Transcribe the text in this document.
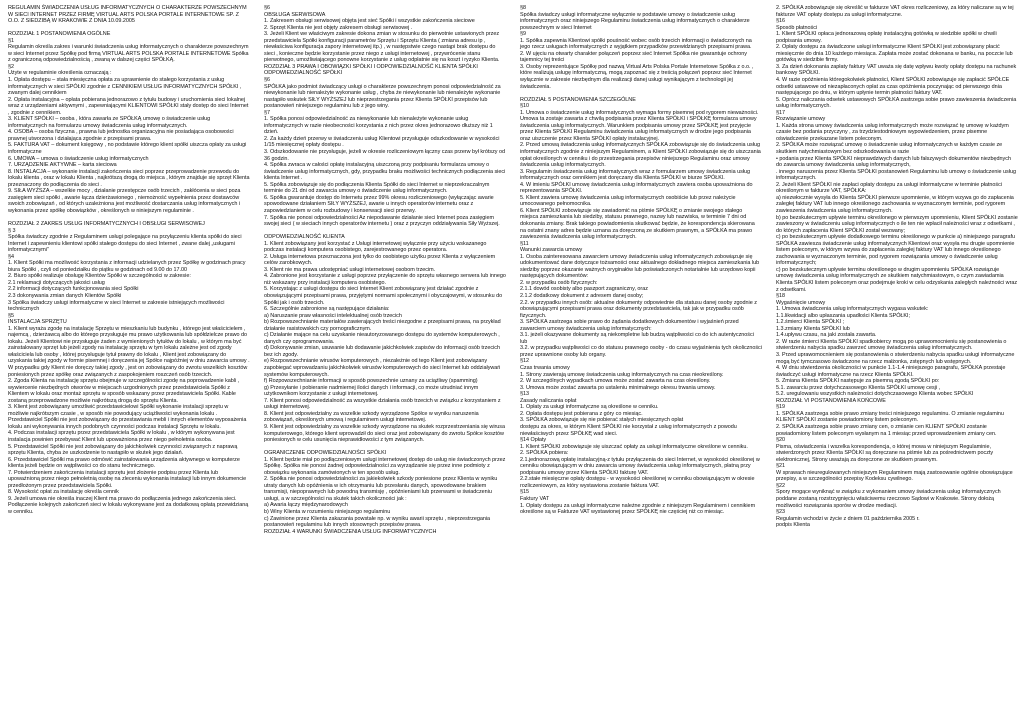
REGULAMIN ŚWIADCZENIA USŁUG INFORMATYCZNYCH O CHARAKTERZE POWSZECHNYM W SIECI INTERNET PRZEZ FIRMĘ VIRTUAL ARTS POLSKA PORTALE INTERNETOWE SP. Z O.O. Z SIEDZIBĄ W KRAKOWIE Z DNIA 10.09.2005

ROZDZIAŁ 1 POSTANOWIENIA OGÓLNE

§1

Regulamin określa zakres i warunki świadczenia usług informatycznych o charakterze powszechnym w sieci Internet przez Spółkę pod firmą VIRTUAL ARTS POLSKA PORTALE INTERNETOWE Spółka z ograniczoną odpowiedzialnością , zwaną w dalszej części SPÓŁKĄ.

§2

Użyte w regulaminie określenia oznaczają :

1. Opłata dostępu – stała miesięczna opłata za uprawnienie do stałego korzystania z usług informatycznych w sieci SPÓŁKI zgodnie z CENNIKIEM USŁUG INFORMATYCZNYCH SPÓŁKI , zwanym dalej cennikiem

2. Opłata instalacyjna – opłata pobierana jednorazowo z tytułu budowy i uruchomienia sieci lokalnej wraz z urządzeniami aktywnymi , zapewniającymi KLIENTOWI SPÓŁKI stały dostęp do sieci Internet , zgodnie z cennikiem.

3. KLIENT SPÓŁKI – osoba , która zawarła ze SPÓŁKĄ umowę o świadczenie usług informatycznych na formularzu umowy świadczenia usług informatycznych.

4. OSOBA – osoba fizyczna , prawna lub jednostka organizacyjna nie posiadająca osobowości prawnej utworzona i działająca zgodnie z przepisami prawa.

5. FAKTURA VAT – dokument księgowy , no podstawie którego klient spółki uiszcza opłaty za usługi informatyczne

6. UMOWA – umowa o świadczenie usług informatycznych

7. URZĄDZENIE AKTYWNE – karta sieciowa

8. INSTALACJA – wykonanie instalacji zakończenia sieci poprzez przeprowadzenie przewodu do lokalu klienta , oraz w lokalu Klienta , najkrótszą drogą do miejsca , którym znajduje się sprzęt Klienta przeznaczony do podłączenia do sieci .

9. SIŁA WYŻSZA – wszelkie mocy , działanie przestępcze osób trzecich , zakłócenia w sieci poza zasięgiem sieci spółki , awarie łącza dzierżawionego , niemożność wypełnienia przez dostawców swoich zobowiązań , od których uzależniona jest możliwość dostarczania usług informatycznych i wykonania przez spółkę obowiązków , określonych w niniejszym regulaminie .

ROZDZIAŁ 2 ZAKRES USŁUG INFORMATYCZNYCH I OBSŁUGI SERWISOWEJ

§ 3

Spółka świadczy zgodnie z Regulaminem usługi polegające na przyłączeniu klienta spółki do sieci Internet i zapewnieniu klientowi spółki stałego dostępu do sieci Internet , zwane dalej „usługami informatycznymi”

§4

1. Klient Spółki ma możliwość korzystania z informacji udzielanych przez Spółkę w godzinach pracy biura Spółki , czyli od poniedziałku do piątku w godzinach od 9.00 do 17.00

2. Biuro spółki realizuje obsługę Klientów Spółki w szczególności w zakresie:

2.1 reklamacji dotyczących jakości usług

2.2 informacji dotyczących funkcjonowania sieci Spółki

2.3 dokonywania zmian danych Klientów Spółki

3 Spółka świadczy usługi informatyczne w sieci Internet w zakresie istniejących możliwości technicznych

§5

INSTALACJA SPRZĘTU

1. Klient wyraża zgodę na instalację Sprzętu w mieszkaniu lub budynku , którego jest właścicielem , najemcą , dzierżawcą albo do którego przysługuje mu prawo użytkowania lub spółdzielcze prawo do lokalu. Jeżeli Klientowi nie przysługuje żaden z wymienionych tytułów do lokalu , w którym ma być zainstalowany sprzęt lub jeżeli zgody na instalację sprzętu w tym lokalu zależne jest od zgody właściciela lub osoby , której przysługuje tytuł prawny do lokalu , Klient jest zobowiązany do uzyskania takiej zgody w formie pisemnej i doręczenia jej Spółce najpóźniej w dniu zawarcia umowy . W przypadku gdy Klient nie doręczy takiej zgody , jest on zobowiązany do zwrotu wszelkich kosztów poniesionych przez spółkę oraz związanych z zaspokojeniem roszczeń osób trzecich.

2. Zgoda Klienta na instalację sprzętu obejmuje w szczególności zgodę na poprowadzenie kabli , wywiercenie niezbędnych otworów w miejscach uzgodnionych przez przedstawiciela Spółki z Klientem w lokalu oraz montaż sprzętu w sposób wskazany przez przedstawiciela Spółki. Kable zostaną przeprowadzone możliwie najkrótszą drogą do sprzętu Klienta.

3. Klient jest zobowiązany umożliwić przedstawicielowi Spółki wykonanie instalacji sprzętu w możliwie najkrótszym czasie , w sposób nie powodujący uciążliwości wykonania lokalu . Przedstawiciel Spółki nie jest zobowiązany do przestawiania mebli i innych elementów wyposażenia lokalu ani wykonywania innych podobnych czynności podczas instalacji Sprzętu w lokalu.

4. Podczas instalacji sprzętu przez przedstawiciela Spółki w lokalu , w którym wykonywana jest instalacja powinien przebywać Klient lub upoważniona przez niego pełnoletnia osoba.

5. Przedstawiciel Spółki nie jest zobowiązany do jakichkolwiek czynności związanych z naprawą sprzętu Klienta, chyba że uszkodzenie to nastąpiło w skutek jego działań.

6. Przedstawiciel Spółki ma prawo odmówić zainstalowania urządzenia aktywnego w komputerze klienta jeżeli będzie on wątpliwości co do stanu technicznego.

7. Potwierdzeniem zakończenia instalacji sprzętu jest złożenie podpisu przez Klienta lub upoważnioną przez niego pełnoletnią osobę na zleceniu wykonania instalacji lub innym dokumencie przedłożonym przez przedstawiciela Spółki.

8. Wysokość opłat za instalację określa cennik

9. Jeżeli umowa nie określa inaczej Klient ma prawo do podłączenia jednego zakończenia sieci. Podłączenie kolejnych zakończeń sieci w lokalu wykonywane jest za dodatkową opłatą przewidzianą w cenniku.

§6

OBSŁUGA SERWISOWA

1. Zakresem obsługi serwisowej objęta jest sieć Spółki i wszystkie zakończenia sieciowe

2. Sprzęt Klienta nie jest objęty zakresem obsługi serwisowej .

3. Jeżeli Klient we właściwym zakresie dokona zmian w stosunku do pierwotnie ustawionych przez przedstawiciela Spółki konfiguracji parametrów Sprzętu i Sprzętu Klienta ( zmiana adresu ip , niewłaściwa konfiguracja zapory internetowej itp.) , w następstwie czego nastąpi brak dostępu do sieci , konieczne będzie korzystanie przez niego z usługi internetowej , przywrócenie stanu pierwotnego, umożliwiającego ponowne korzystanie z usług odpłatnie się na koszt i ryzyko Klienta.

ROZDZIAŁ 3 PRAWA I OBOWIĄZKI SPÓŁKI I ODPOWIEDZIALNOŚĆ KLIENTA SPÓŁKI ODPOWIEDZIALNOŚĆ SPÓŁKI

§6

SPÓŁKA jako podmiot świadczący usługi o charakterze powszechnym ponosi odpowiedzialność za niewykonanie lub nienależyte wykonanie usług , chyba że niewykonanie lub nienależyte wykonanie nastąpiło wskutek SIŁY WYŻSZEJ lub nieprzestrzegania przez Klienta SPÓŁKI przepisów lub postanowień niniejszego regulaminu lub z jego winy.

§7

1. Spółka ponosi odpowiedzialność za niewykonanie lub nienależyte wykonanie usług informatycznych w razie nieobecności korzystania z nich przez okres jednorazowo dłuższy niż 1 dzień.

2. Za każdy dzień przerwy w świadczeniu usług Klientowi przysługuje odszkodowanie w wysokości 1/15 miesięcznej opłaty dostępu .

3. Odszkodowanie nie przysługuje, jeżeli w okresie rozliczeniowym łączny czas przerw był krótszy od 36 godzin.

4. Spółka zwraca w całości opłatę instalacyjną uiszczoną przy podpisaniu formularza umowy o świadczenie usług informatycznych, gdy, przypadku braku możliwości technicznych podłączenia sieci klienta Internet .

5. Spółka zobowiązuje się do podłączenia Klienta Spółki do sieci Internet w nieprzekraczalnym terminie do 21 dni od zawarcia umowy o świadczenie usług informatycznych.

6. Spółka gwarantuje dostęp do Internetu przez 99% okresu rozliczeniowego (wyłączając awarie spowodowane działaniem SIŁY WYŻSZEJ, awarie u innych operatorów internetu oraz z zapowiedzianiem w celu rozbudowy i konserwacji sieci przerwy.

7. Spółka nie ponosi odpowiedzialności Az niepodawanie działanie sieci Internet poza zasięgiem swojej sieci ( w sieciach innych operatorów internetu ) oraz z przyczyn oddziaływania Siły Wyższej.

ODPOWIEDZIALNOŚĆ KLIENTA

1. Klient zobowiązany jest korzystać z Usługi internetowej wyłącznie przy użyciu wskazanego podczas instalacji komputera osobistego, zarejestrowanego przez operatora.

2. Usługa internetowa przeznaczona jest tylko do osobistego użytku przez Klienta z wyłączeniem celów zarobkowych.

3. Klient nie ma prawa udostępniać usługi internetowej osobom trzecim.

4. Zabronione jest korzystanie z usługi poprzez przyłączenie do sprzętu własnego serwera lub innego niż wskazany przy instalacji komputera osobistego.

5. Korzystając z usługi dostępu do sieci Internet Klient zobowiązany jest działać zgodnie z obowiązującymi przepisami prawa, przyjętymi normami społecznymi i obyczajowymi, w stosunku do Spółki jak i osób trzecich.

6. Szczególnie zabronione są następujące działania:

a) Naruszanie praw własności intelektualnej osób trzecich

b) Rozpowszechnianie materiałów zawierających treści niezgodne z przepisami prawa, na przykład działanie rasistowskich czy pornograficznym.

c) Działanie mające na celu uzyskanie nieautoryzowanego dostępu do systemów komputerowych , danych czy oprogramowania.

d) Dokonywanie zmian, usuwanie lub dodawanie jakichkolwiek zapisów do informacji osób trzecich bez ich zgody.

e) Rozpowszechnianie wirusów komputerowych , niezależnie od tego Klient jest zobowiązany zapobiegać wprowadzaniu jakichkolwiek wirusów komputerowych do sieci Internet lub oddziaływań systemów komputerowych.

f) Rozpowszechnianie informacji w sposób powszechnie uznany za uciążliwy (spamming)

g) Przesyłanie i pobieranie nadmiernej ilości danych i informacji, co może utrudniać innym użytkownikom korzystanie z usługi internetowej.

7. Klient ponosi odpowiedzialność za wszystkie działania osób trzecich w związku z korzystaniem z usługi internetowej.

8. Klient jest odpowiedzialny za wszelkie szkody wyrządzone Spółce w wyniku naruszenia zobowiązań, określonych umową i regulaminem usługi internetowej.

9. Klient jest odpowiedzialny za wszelkie szkody wyrządzone na skutek rozprzestrzeniania się wirusa komputerowego, którego klient wprowadził do sieci oraz jest zobowiązany do zwrotu Spółce kosztów poniesionych w celu usunięcia nieprawidłowości z tym związanych.

OGRANICZENIE ODPOWIEDZIALNOŚCI SPÓŁKI

1. Klient będzie miał po podłączeniowym usługi internetowej dostęp do usług nie świadczonych przez Spółkę. Spółka nie ponosi żadnej odpowiedzialności za wyrządzanie się przez inne podmioty z obowiązku wykonania zamówionych w ten sposób usług.

2. Spółka nie ponosi odpowiedzialności za jakiekolwiek szkody poniesione przez Klienta w wyniku utraty danych lub opóźnienia w ich otrzymaniu lub przesłaniu danych, spowodowane brakiem transmisji, niepoprawnych lub powodną transmisję , opóźnieniami lub przerwami w świadczeniu usługi, a w szczególności na skutek takich okoliczności jak :

a) Awaria łączy międzynarodowych

b) Winy Klienta w rozumieniu niniejszego regulaminu

c) Zawinione przez Klienta zakazania powstałe np. w wyniku awarii sprzętu , nieprzestrzegania postanowień regulaminu lub innych stosownych przepisów prawa.

ROZDZIAŁ 4 WARUNKI ŚWIADCZENIA USŁUG INFORMATYCZNYCH

§8

Spółka świadczy usługi informatyczne wyłącznie w podstawie umowy o świadczenie usług informatycznych oraz niniejszego Regulaminu świadczenia usług informatycznych o charakterze powszechnym w sieci Internet

§9

1. Spółka zapewnia Klientowi spółki pouśność wobec osób trzecich informacji o świadczonych na jego rzecz usługach informatycznych z wyjątkiem przypadków przewidzianych przepisami prawa.

2. W ujęciu na otwarty charakter połączeń poprzez sieć Internet Spółka nie gwarantuje ochrony tajemnicy tej treści

3. Osoby reprezentujące Spółkę pod nazwą Virtual Arts Polska Portale Internetowe Spółka z o.o. , które realizują usługę informatyczną, mogą zapoznać się z treścią połączeń poprzez sieć Internet wyłącznie w zakresie niezbędnym dla realizacji danej usługi wynikającym z technologii jej świadczenia.

ROZDZIAŁ 5 POSTANOWIENIA SZCZEGÓLNE

§10

1. Umowa o świadczenie usług informatycznych wymaga formy pisemnej pod rygorem nieważności. Umowa ta zostaje zawarta z chwilą podpisania przez Klienta SPÓŁKI i SPÓŁKĘ formularza umowy świadczenia usług informatycznych. Warunkiem podpisania umowy przez SPÓŁKĘ jest przyjęcie przez Klienta SPÓŁKI Regulaminu świadczenia usług informatycznych w drodze jego podpisania oraz uiszczenie przez Klienta SPÓŁKI opłaty instalacyjnej.

2. Przed umową świadczenia usług informatycznych SPÓŁKA zobowiązuje się do świadczenia usług informatycznych zgodnie z niniejszym Regulaminem, a Klient SPÓŁKI zobowiązuje się do uiszczania opłat określonych w cenniku i do przestrzegania przepisów niniejszego Regulaminu oraz umowy świadczenia usług informatycznych.

3. Regulamin świadczenia usług informatycznych wraz z formularzem umowy świadczenia usług informatycznych oraz cennikiem jest doręczany dla Klienta SPÓŁKI w biurze SPÓŁKI.

4. W imieniu SPÓŁKI umowę świadczenia usług informatycznych zawiera osoba upoważniona do reprezentowania SPÓŁKI.

5. Klient zawiera umowę świadczenia usług informatycznych osobiście lub przez należycie umocowanego pełnomocnika.

6. Klient SPÓŁKI zobowiązuje się zawiadomić na piśmie SPÓŁKĘ o zmianie swojego stałego miejsca zamieszkania lub siedziby, statusu prawnego, nazwy lub nazwiska, w terminie 7 dni od dokonania zmiany. Brak takiego powiadomienia skutkować będzie, że korespondencja skierowana na ostatni znany adres będzie uznana za doręczoną ze skutkiem prawnym, a SPÓŁKA ma prawo zawieszenia świadczenia usług informatycznych.

§11

Wanunki zawarcia umowy

1. Osoba zainteresowana zawarciem umowy świadczenia usług informatycznych zobowiązuje się udokumentować dane dotyczące tożsamości oraz aktualnego dokładnego miejsca zamieszkania lub siedziby poprzez okazanie ważnych oryginałów lub poświadczonych notarialnie lub urzędowo kopii następujących dokumentów:

2. w przypadku osób fizycznych:

2.1.1 dowód osobisty albo paszport zagraniczny, oraz

2.1.2 dodatkowy dokument z adresem danej osoby;

2.2. w przypadku innych osób: aktualne dokumenty odpowiednie dla statusu danej osoby zgodnie z obowiązującymi przepisami prawa oraz dokumenty przedstawiciela, tak jak w przypadku osób fizycznych.

3. SPÓŁKA zastrzega sobie prawo do żądania dodatkowych dokumentów i wyjaśnień przed zawarciem umowy świadczenia usług informatycznych:

3.1. jeżeli okazywane dokumenty są niekompletne lub budzą wątpliwości co do ich autentyczności lub

3.2. w przypadku wątpliwości co do statusu prawnego osoby - do czasu wyjaśnienia tych okoliczności przez uprawnione osoby lub organy.

§12

Czas trwania umowy

1. Strony zawierają umowę świadczenia usług informatycznych na czas nieokreślony.

2. W szczególnych wypadkach umowa może zostać zawarta na czas określony.

3. Umowa może zostać zawarta po ustaleniu minimalnego okresu trwania umowy.

§13

Zasady naliczania opłat

1. Opłaty za usługi informatyczne są określone w cenniku.

2. Opłata dostępu jest pobierana z góry co miesiąc.

3. SPÓŁKA zobowiązuje się nie pobierać stałych miesięcznych opłat

dostępu za okres, w którym Klient SPÓŁKI nie korzystał z usług informatycznych z powodu niewłaściwych przez SPÓŁKĘ wad sieci.

§14 Opłaty

1. Klient SPÓŁKI zobowiązuje się uiszczać opłaty za usługi informatyczne określone w cenniku.

2. SPÓŁKA pobiera:

2.1.jednorazową opłatę instalacyjną-z tytułu przyłączenia do sieci Internet, w wysokości określonej w cenniku obowiązującym w dniu zawarcia umowy świadczenia usług informatycznych, płatną przy podpisaniu umowy przez Klienta SPÓŁKI fakturę VAT.

2.2.stałe miesięczne opłaty dostępu - w wysokości określonej w cenniku obowiązującym w okresie rozliczeniowym, za który wystawiona zostanie faktura VAT.

§15

Faktury VAT

1. Opłaty dostępu za usługi informatyczne należne zgodnie z niniejszym Regulaminem i cennikiem określone są w Fakturze VAT wystawionej przez SPÓŁKĘ nie częściej niż co miesiąc.

2. SPÓŁKA zobowiązuje się określić w fakturze VAT okres rozliczeniowy, za który naliczane są w tej fakturze VAT opłaty dostępu za usługi informatyczne.

§16

Sposób płatności

1. Klient SPÓŁKI opłaca jednorazową opłatę instalacyjną gotówką w siedzibie spółki w chwili podpisania umowy.

2. Opłaty dostępu za świadczone usługi informatyczne Klient SPÓŁKI jest zobowiązany płacić miesięcznie do dnia 10 każdego miesiąca. Zapłata może zostać dokonana w banku, na poczcie lub gotówką w siedzibie firmy.

3. Za dzień dokonania zapłaty faktury VAT uważa się datę wpływu kwoty opłaty dostępu na rachunek bankowy SPÓŁKI.

4. W razie opóźnienia któregokolwiek płatności, Klient SPÓŁKI zobowiązuje się zapłacić SPÓŁCE odsetki ustawowe od niezapłaconych opłat za czas opóźnienia poczynając od pierwszego dnia następującego po dniu, w którym upłynie termin płatności faktury VAT.

5. Oprócz naliczania odsetek ustawowych SPÓŁKA zastrzega sobie prawo zawieszenia świadczenia usług informatycznych.

§17

Rozwiązanie umowy

1. Każda strona umowy świadczenia usług informatycznych może rozwiązać tę umowę w każdym czasie bez podania przyczyny , za trzydziestodniowym wypowiedzeniem, przez pisemne oświadczenie przekazane listem poleconym.

2. SPÓŁKA może rozwiązać umowę o świadczenie usług informatycznych w każdym czasie ze skutkiem natychmiastowym bez odszkodowania w razie

• podania przez Klienta SPÓŁKI nieprawdziwych danych lub fałszywych dokumentów niezbędnych do zawarcia umowy świadczenia usług informatycznych,

. innego naruszenia przez Klienta SPÓŁKI postanowień Regulaminu lub umowy o świadczenie usług informatycznych.

2. Jeżeli Klient SPÓŁKI nie zapłaci opłaty dostępu za usługi informatyczne w terminie płatności określonym w fakturze VAT, SPÓŁKA:

a) niezwłocznie wysyła do Klienta SPÓŁKI pierwsze upomnienie, w którym wzywa go do zapłacenia zaległej faktury VAT lub innego określonego zachowania w wyznaczonym terminie, pod rygorem zawieszenia świadczenia usług informatycznych.

b) po bezskutecznym upływie terminu określonego w pierwszym upomnieniu, Klient SPÓŁKI zostanie zawieszony w świadczeniu usług informatycznych o ile ten nie wpłacił należności wraz z odsetkami , do których zapłacenia Klient SPÓŁKI został wezwany;

c) po bezskutecznym upływie dodatkowego terminu określonego w punkcie a) niniejszego paragrafu SPÓŁKA zawiesza świadczenie usług informatycznych Klientowi oraz wysyła mu drugie upomnienie listem poleconym, w którym wzywa do zapłacenia zaległej faktury VAT lub innego określonego zachowania w wyznaczonym terminie, pod rygorem rozwiązania umowy o świadczenie usług informatycznych;

c) po bezskutecznym upływie terminu określonego w drugim upomnieniu SPÓŁKA rozwiązuje umowę świadczenia usług informatycznych ze skutkiem natychmiastowym, o czym zawiadamia Klienta SPÓŁKI listem poleconym oraz podejmuje kroki w celu odzyskania zaległych należności wraz z odsetkami.

§18

Wygaśnięcie umowy

1. Umowa świadczenia usług informatycznych wygasa wskutek:

1.1.likwidacji albo upłaszania upadłości Klienta SPÓŁKI;

1.2.śmierci Klienta SPÓŁKI ;

1.3.zmiany Klienta SPÓŁKI lub

1.4.upływu czasu, na jaki została zawarta.

2. W razie śmierci Klienta SPÓŁKI spadkobiercy mogą po uprawomocnieniu się postanowienia o stwierdzeniu nabycia spadku zawrzeć umowę świadczenia usług informatycznych.

3. Przed uprawomocnieniem się postanowienia o stwierdzeniu nabycia spadku usługi informatyczne mogą być tymczasowo świadczone na rzecz małżonka, zstępnych lub wstępnych.

4. W dniu stwierdzenia okoliczności w punkcie 1.1-1.4 niniejszego paragrafu, SPÓŁKA przestaje świadczyć usługi informatyczne na rzecz Klienta SPÓŁKI.

5. Zmiana Klienta SPÓŁKI następuje za pisemną zgodą SPÓŁKI po:

5.1. zawarciu przez dotychczasowego Klienta SPÓŁKI umowę cesji ,

5.2. uregulowaniu wszystkich należności dotychczasowego Klienta wobec SPÓŁKI

ROZDZIAŁ VI POSTANOWIENIA KOŃCOWE

§19

1. SPÓŁKA zastrzega sobie prawo zmiany treści niniejszego regulaminu. O zmianie regulaminu KLIENT SPÓŁKI zostanie powiadomiony listem poleconym.

2. SPÓŁKA zastrzega sobie prawo zmiany cen, o zmianie cen KLIENT SPÓŁKI zostanie powiadomiony listem poleconym wysłanym na 1 miesiąc przed wprowadzeniem zmiany cen.

§20

Pisma, oświadczenia i wszelka korespondencja, o której mowa w niniejszym Regulaminie, stwierdzonych przez Klienta SPÓŁKI są doręczane na piśmie lub za pośrednictwem poczty elektronicznej, Strony uważają za doręczone ze skutkiem prawnym.

§21

W sprawach nieuregulowanych niniejszym Regulaminem mają zastosowanie ogólnie obowiązujące przepisy, a w szczególności przepisy Kodeksu cywilnego.

§22

Spory mogące wyniknąć w związku z wykonaniem umowy świadczenia usług informatycznych poddane zostaną rozstrzygnięciu właściwemu rzeczowo Sądowi w Krakowie. Strony dołożą możliwości rozwiązania sporów w drodze mediacji.

§23

Regulamin wchodzi w życie z dniem 01 października 2005 r.

podpis Klienta
